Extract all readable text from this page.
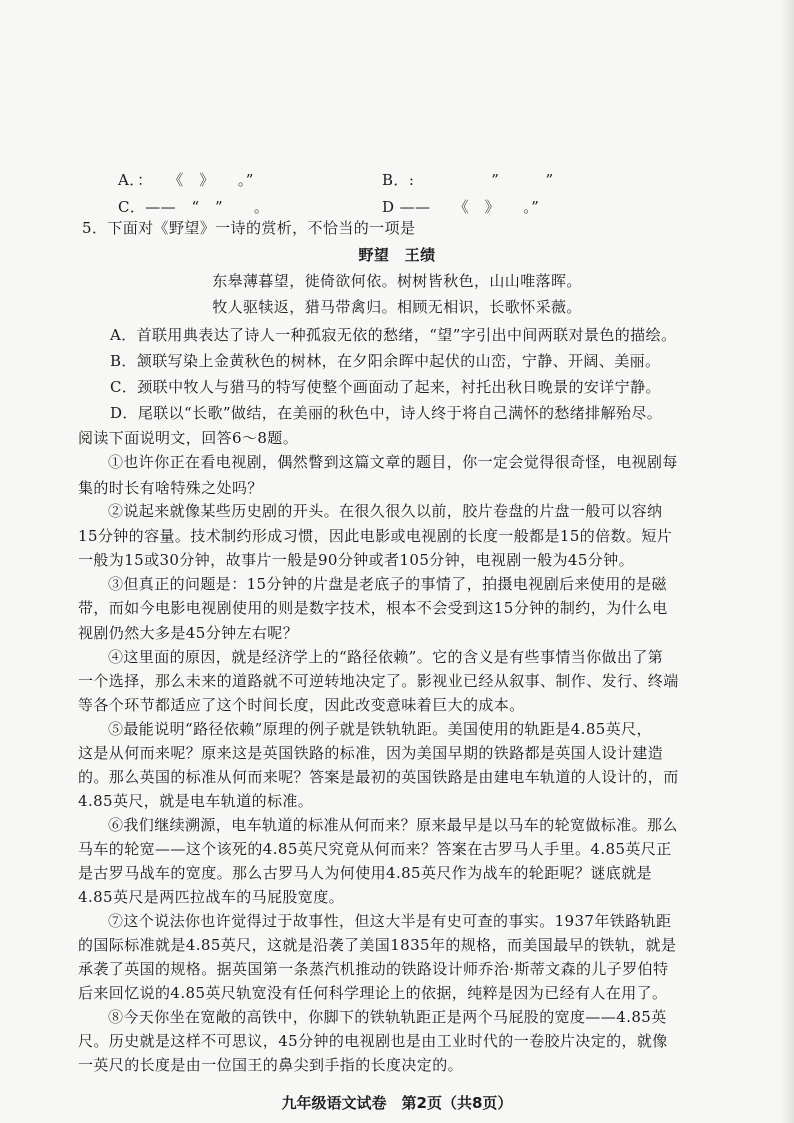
A．：　　《　》　　。”	B．:　　　　　”　　　”
C．——　“　”　　。	D ——　　《　》　　。”
5．下面对《野望》一诗的赏析，不恰当的一项是
野望　王绩
东皋薄暮望，徙倚欲何依。树树皆秋色，山山唯落晖。
牧人驱犊返，猎马带禽归。相顾无相识，长歌怀采薇。
A．首联用典表达了诗人一种孤寂无依的愁绪，“望”字引出中间两联对景色的描绘。
B．颔联写染上金黄秋色的树林，在夕阳余晖中起伏的山峦，宁静、开阔、美丽。
C．颈联中牧人与猎马的特写使整个画面动了起来，衬托出秋日晚景的安详宁静。
D．尾联以“长歌”做结，在美丽的秋色中，诗人终于将自己满怀的愁绪排解殆尽。
阅读下面说明文，回答6～8题。
①也许你正在看电视剧，偶然瞥到这篇文章的题目，你一定会觉得很奇怪，电视剧每
集的时长有啥特殊之处吗？
②说起来就像某些历史剧的开头。在很久很久以前，胶片卷盘的片盘一般可以容纳
15分钟的容量。技术制约形成习惯，因此电影或电视剧的长度一般都是15的倍数。短片
一般为15或30分钟，故事片一般是90分钟或者105分钟，电视剧一般为45分钟。
③但真正的问题是：15分钟的片盘是老底子的事情了，拍摄电视剧后来使用的是磁
带，而如今电影电视剧使用的则是数字技术，根本不会受到这15分钟的制约，为什么电
视剧仍然大多是45分钟左右呢？
④这里面的原因，就是经济学上的“路径依赖”。它的含义是有些事情当你做出了第
一个选择，那么未来的道路就不可逆转地决定了。影视业已经从叙事、制作、发行、终端
等各个环节都适应了这个时间长度，因此改变意味着巨大的成本。
⑤最能说明“路径依赖”原理的例子就是铁轨轨距。美国使用的轨距是4.85英尺，
这是从何而来呢？原来这是英国铁路的标准，因为美国早期的铁路都是英国人设计建造
的。那么英国的标准从何而来呢？答案是最初的英国铁路是由建电车轨道的人设计的，而
4.85英尺，就是电车轨道的标准。
⑥我们继续溯源，电车轨道的标准从何而来？原来最早是以马车的轮宽做标准。那么
马车的轮宽——这个该死的4.85英尺究竟从何而来？答案在古罗马人手里。4.85英尺正
是古罗马战车的宽度。那么古罗马人为何使用4.85英尺作为战车的轮距呢？谜底就是
4.85英尺是两匹拉战车的马屁股宽度。
⑦这个说法你也许觉得过于故事性，但这大半是有史可查的事实。1937年铁路轨距
的国际标准就是4.85英尺，这就是沿袭了美国1835年的规格，而美国最早的铁轨，就是
承袭了英国的规格。据英国第一条蒸汽机推动的铁路设计师乔治·斯蒂文森的儿子罗伯特
后来回忆说的4.85英尺轨宽没有任何科学理论上的依据，纯粹是因为已经有人在用了。
⑧今天你坐在宽敞的高铁中，你脚下的铁轨轨距正是两个马屁股的宽度——4.85英
尺。历史就是这样不可思议，45分钟的电视剧也是由工业时代的一卷胶片决定的，就像
一英尺的长度是由一位国王的鼻尖到手指的长度决定的。
九年级语文试卷　第2页（共8页）
